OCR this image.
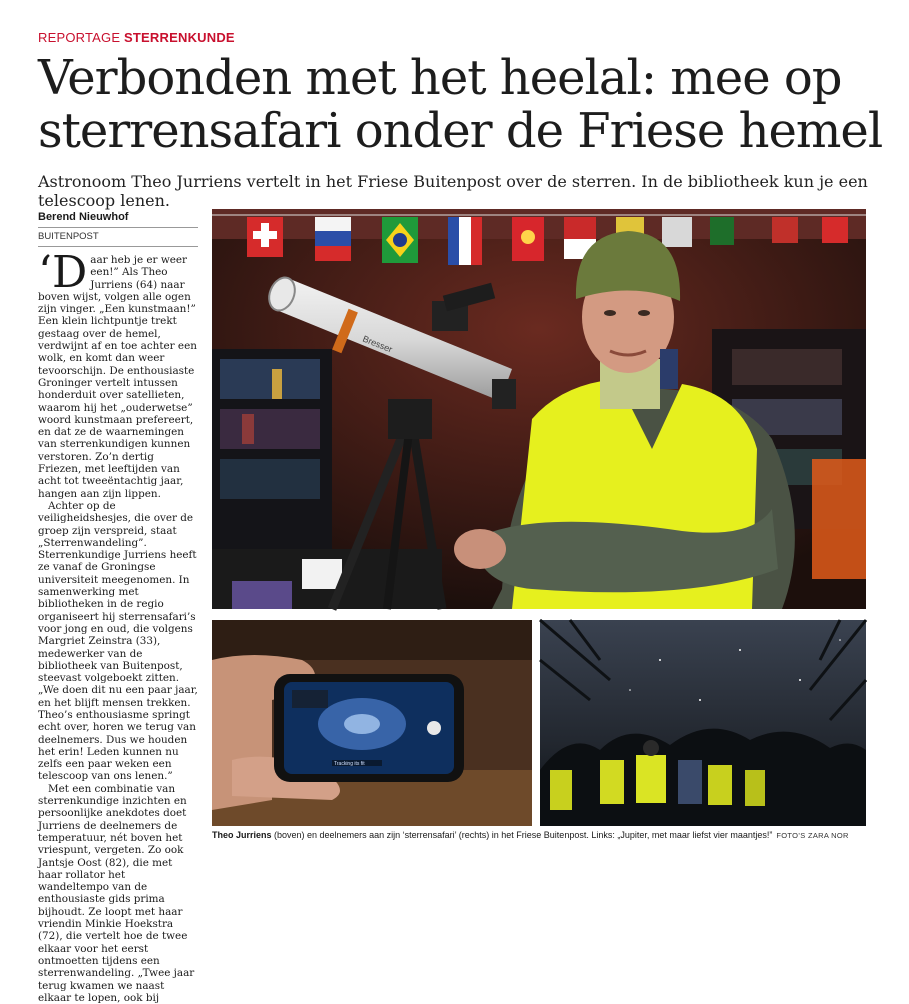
REPORTAGE STERRENKUNDE
Verbonden met het heelal: mee op sterrensafari onder de Friese hemel
Astronoom Theo Jurriens vertelt in het Friese Buitenpost over de sterren. In de bibliotheek kun je een telescoop lenen.
Berend Nieuwhof
BUITENPOST

‘Daar heb je er weer een!” Als Theo Jurriens (64) naar boven wijst, volgen alle ogen zijn vinger. „Een kunstmaan!” Een klein lichtpuntje trekt gestaag over de hemel, verdwijnt af en toe achter een wolk, en komt dan weer tevoorschijn. De enthousiaste Groninger vertelt intussen honderduit over satellieten, waarom hij het „ouderwetse” woord kunstmaan prefereert, en dat ze de waarnemingen van sterrenkundigen kunnen verstoren. Zo’n dertig Friezen, met leeftijden van acht tot tweeëntachtig jaar, hangen aan zijn lippen.

Achter op de veiligheidshesjes, die over de groep zijn verspreid, staat „Sterrenwandeling”. Sterrenkundige Jurriens heeft ze vanaf de Groningse universiteit meegenomen. In samenwerking met bibliotheken in de regio organiseert hij sterrensafari’s voor jong en oud, die volgens Margriet Zeinstra (33), medewerker van de bibliotheek van Buitenpost, steevast volgeboekt zitten. „We doen dit nu een paar jaar, en het blijft mensen trekken. Theo’s enthousiasme springt echt over, horen we terug van deelnemers. Dus we houden het erin! Leden kunnen nu zelfs een paar weken een telescoop van ons lenen.”

Met een combinatie van sterrenkundige inzichten en persoonlijke anekdotes doet Jurriens de deelnemers de temperatuur, nét boven het vriespunt, vergeten. Zo ook Jantsje Oost (82), die met haar rollator het wandeltempo van de enthousiaste gids prima bijhoudt. Ze loopt met haar vriendin Minkie Hoekstra (72), die vertelt hoe de twee elkaar voor het eerst ontmoetten tijdens een sterrenwandeling. „Twee jaar terug kwamen we naast elkaar te lopen, ook bij

Bresser
Tracking its fit
Theo Jurriens (boven) en deelnemers aan zijn ‘sterrensafari’ (rechts) in het Friese Buitenpost. Links: „Jupiter, met maar liefst vier maantjes!” FOTO’S ZARA NOR
